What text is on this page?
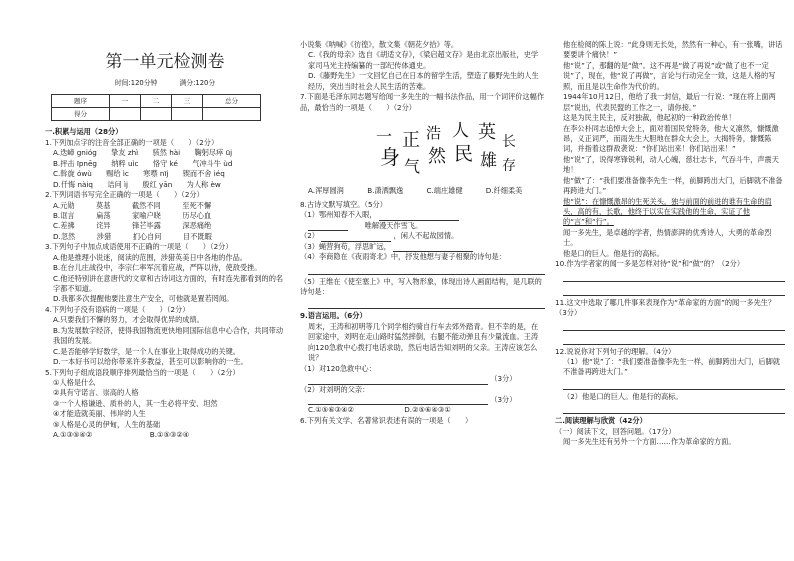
第一单元检测卷
时间:120分钟	满分:120分
题序	一	二	三	总分
得分				
一.积累与运用（28分）
1.下列加点字的注音全部正确的一项是（　　）（2分）
A.迭嶂 gnióg　　挚友 zhì　　骇然 hài　　鞠躬尽瘁 ūj
B.抨击 īpnēg　　纳粹 uìc　　恪守 ké　　气冲斗牛 ùd
C.斡旋 ówù　　赐给 ìc　　寒噤 nīj　　锲而不舍 iéq
D.仟悔 nàiq　　诘问 ìj　　殷红 yān　　为人称 èw
2.下列词语书写完全正确的一项是（　　）（2分）
A.元勋　　　莫基　　　截然不同　　　至死不懈
B.诓言　　　扁荡　　　家喻户晓　　　历尽心血
C.差拂　　　诧异　　　锋芒毕露　　　深恶痛绝
D.忽然　　　涉猎　　　扪心自问　　　目不既暇
3.下列句子中加点成语使用不正确的一项是（　　）（2分）
A.他是推理小说迷，阅读的范围，涉猎英美日中各地的作品。
B.在台儿庄战役中，李宗仁率军沉着应战，严阵以待，使敌受挫。
C.他还特别讲在意唐代的文章和古诗词这方面的，有时连先都看到的的名字都不知道。
D.我都多次提醒他要注意生产安全，可他就是置若罔闻。
4.下列句子没有语病的一项是（　　）（2分）
A.只要我们不懈的努力，才会取得优异的成绩。
B.为发展数字经济，使得我国物流更快地同国际信息中心合作，共同带动我国的发展。
C.是否能够学好数学，是一个人在事业上取得成功的关键。
D.一本好书可以给你带来许多教益，甚至可以影响你的一生。
5.下列句子组成语段顺序排列最恰当的一项是（　　）（2分）
①人格是什么
②具有守诺言、崇高的人格
③一个人格谦逊、质朴的人，其一生必将平安、坦然
④才能造就美丽、伟岸的人生
⑤人格是心灵的伊甸，人生的基础
A.①③⑤④②　　　　　　　　B.①⑤③②④
小说集《呐喊》《彷徨》，散文集《朝花夕拾》等。
C.《我的母亲》选自《胡适文存》，《梁启超文存》是由北京出版社，史学家司马光主持编纂的一部纪传体通史。
D.《藤野先生》一文回忆自己在日本的留学生活，塑造了藤野先生的人生经历，突出当时社会人民生活的苦难。
7.下面是毛泽东同志题写给闻一多先生的一幅书法作品，用一个词评价这幅作品，最恰当的一项是（　　）（2分）
一
身
正
气
浩
然
人
民
英
雄
长
存
A.浑厚圆润	B.潇洒飘逸	C.端庄雄健	D.纤细柔美
8.古诗文默写填空。（5分）
（1）鄂州知春不入眼，
　　唯解漫天作雪飞。
（2）	，闲人不起故园情。
（3）蝇营狗苟，浮思旷远，
（4）李商隐在《夜雨寄北》中，抒发他想与妻子相聚的诗句是：
（5）王维在《使至塞上》中，写入物形象，体现出诗人画面结构，是几联的诗句是：
9.语言运用。（6分）
周末，王涛和初明等几个同学相约骑自行车去郊外踏青。但不幸的是，在回家途中，刘明在走山路时猛然摔倒，右腿不能动弹且有少量流血。王涛向120急救中心拨打电话求助，然后电话告知刘明的父亲。王涛应该怎么说？
（1）对120急救中心：
（3分）
（2）对刘明的父亲：
（3分）
C.①⑤⑥③④②　　　　　　　D.②⑤⑥④③①
6.下列有关文学、名著常识表述有误的一项是（　　）
他在检阅的陈上说：“此身则无长处，然然有一种心，有一张嘴，讲话要要讲个痛快！”
他“说”了，那翻的是“做”。这不再是“做了再说”或“做了也不一定说”了，现在，他“说了再做”，言论与行动完全一致，这是人格的写照，而且是以生命作为代价的。
1944年10月12日，他给了我一封信，最后一行说：“现在将上面两层”说出，代表民盟的工作之一，请你接。”
这是为民主民主，反对独裁，他起初的一种政治传单！
在李公朴同志追悼大会上，面对着国民党特务，他大义凛然，慷慨激昂，义正词严，而雨先生大胆地在群众大会上，大揭特务，慷慨陈词，并指着这群敌袭说：“你们站出来！你们站出来！”
他“说”了，说得寒锋锐利，动人心魄，慈壮志卡，气吞斗牛，声震天地！
他“做”了：“我们要准备像李先生一样，前脚跨出大门，后脚就不准备再跨进大门。”
他“说”：在慷慨激昂的生死关头，独与前面的前进的谁有生命的肩头，高的有，长歌，他终于以实在实践他的生命，实证了他的“言”和“行”。
闻一多先生，是卓越的学者，热情澎湃的优秀诗人，大勇的革命烈士。
他是口的巨人。他是行的高标。
10.作为学者家的闻一多是怎样对待“说”和“做”的？（2分）
11.这文中选取了哪几件事来表现作为“革命家的方面”的闻一多先生？（3分）
12.说说你对下列句子的理解。（4分）
（1）他“说”了：“我们要准备像李先生一样，前脚跨出大门，后脚就不准备再跨进大门。”
（2）他是口的巨人。他是行的高标。
二.阅读理解与欣赏（42分）
（一）阅读下文，回答问题。（17分）
闻一多先生还有另外一个方面……作为革命家的方面。
